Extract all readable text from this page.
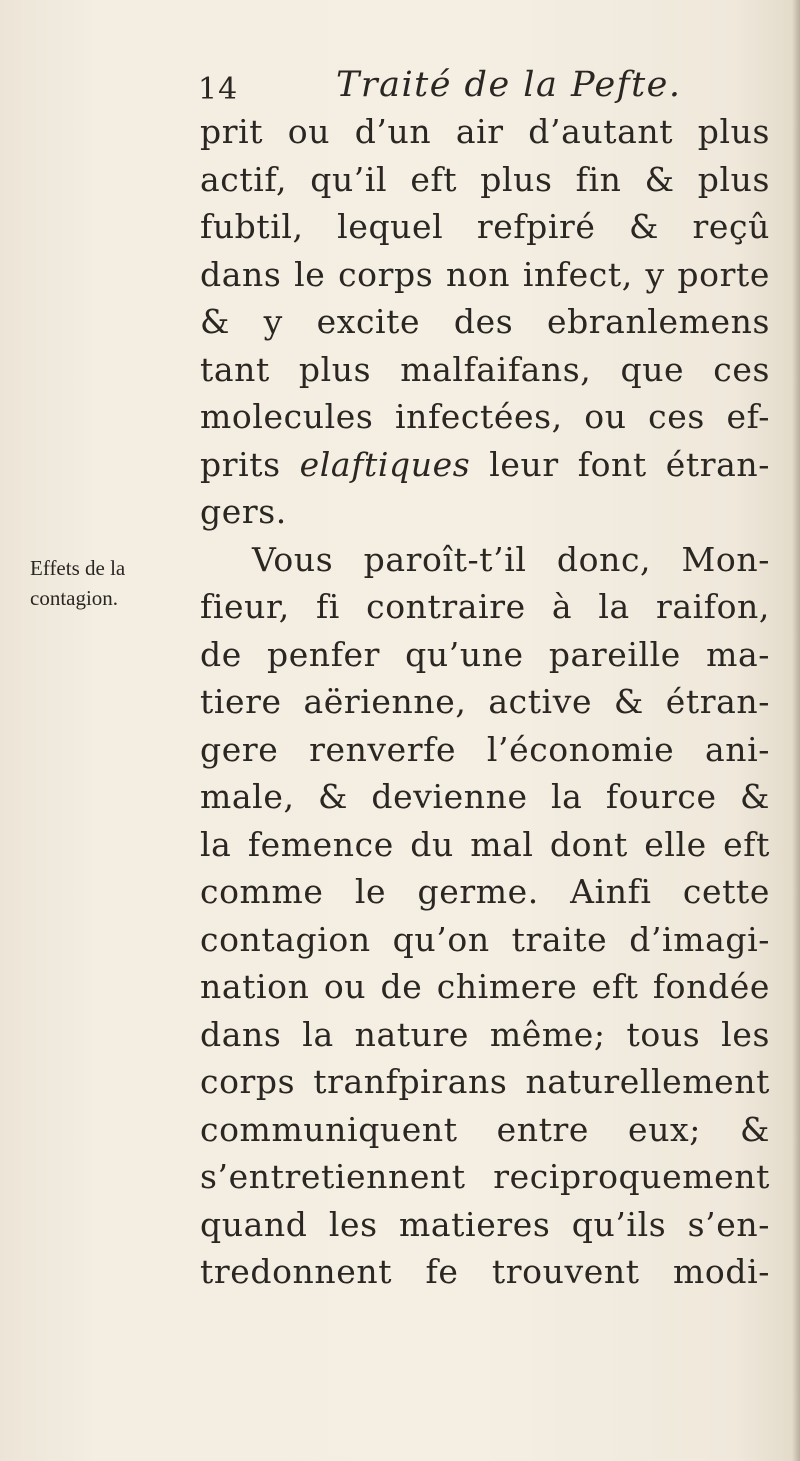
14	Traité de la Pefte.
Effets de la
contagion.
prit ou d’un air d’autant plus
actif, qu’il eft plus fin & plus
fubtil, lequel refpiré & reçû
dans le corps non infect, y porte
& y excite des ebranlemens
tant plus malfaifans, que ces
molecules infectées, ou ces ef-
prits elaftiques leur font étran-
gers.
Vous paroît-t’il donc, Mon-
fieur, fi contraire à la raifon,
de penfer qu’une pareille ma-
tiere aërienne, active & étran-
gere renverfe l’économie ani-
male, & devienne la fource &
la femence du mal dont elle eft
comme le germe. Ainfi cette
contagion qu’on traite d’imagi-
nation ou de chimere eft fondée
dans la nature même; tous les
corps tranfpirans naturellement
communiquent entre eux; &
s’entretiennent reciproquement
quand les matieres qu’ils s’en-
tredonnent fe trouvent modi-
